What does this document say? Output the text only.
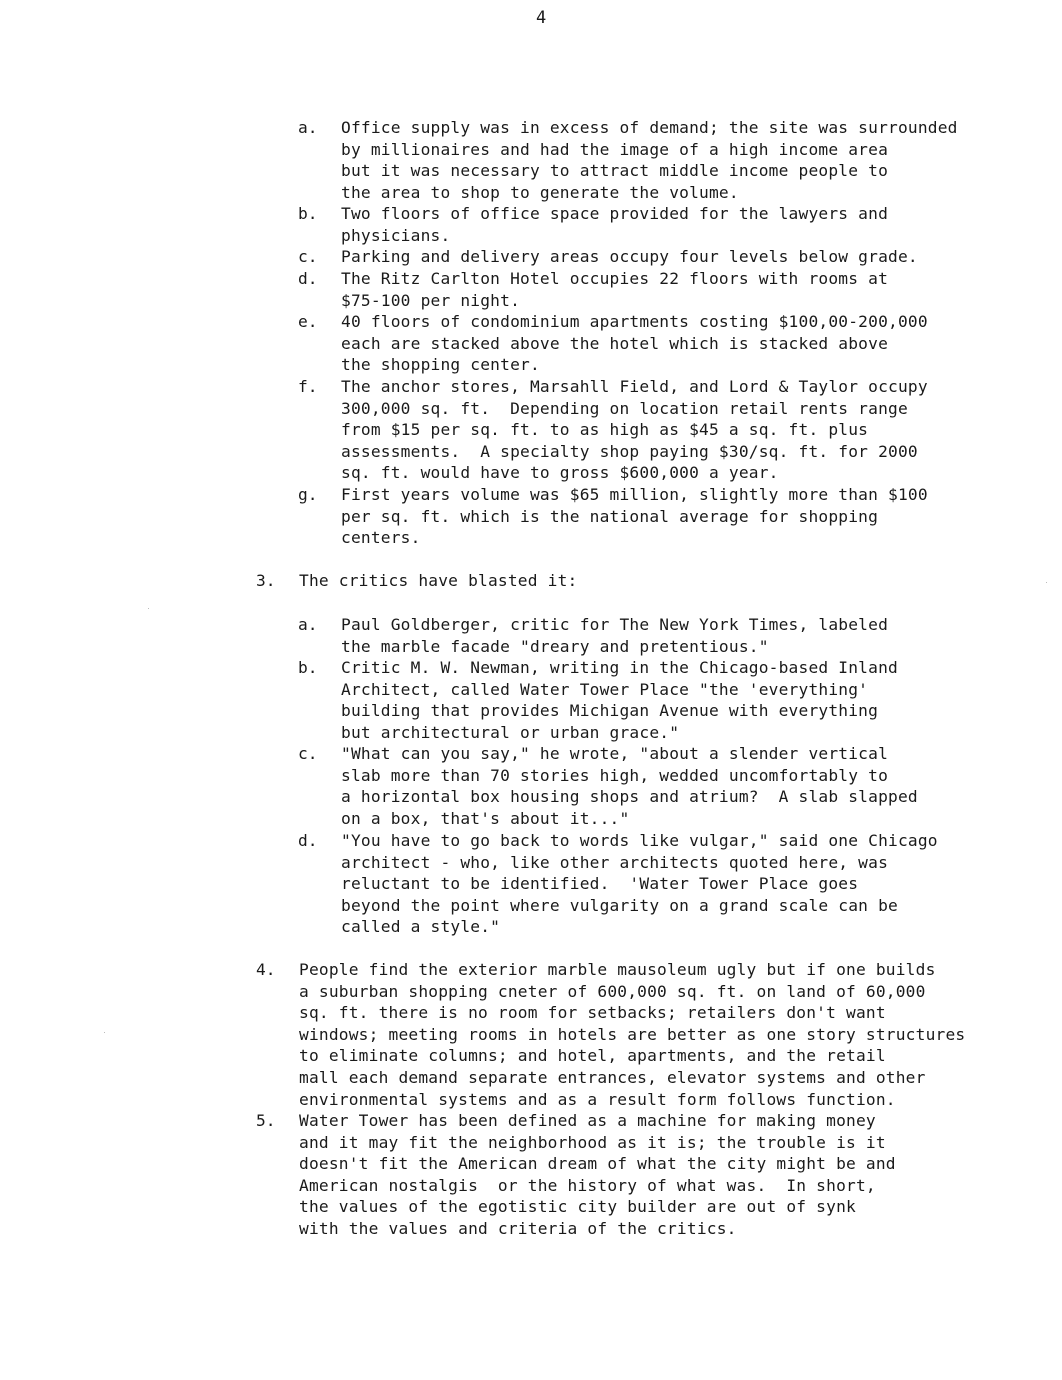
4
a. Office supply was in excess of demand; the site was surrounded
by millionaires and had the image of a high income area
but it was necessary to attract middle income people to
the area to shop to generate the volume.
b. Two floors of office space provided for the lawyers and
physicians.
c. Parking and delivery areas occupy four levels below grade.
d. The Ritz Carlton Hotel occupies 22 floors with rooms at
$75-100 per night.
e. 40 floors of condominium apartments costing $100,00-200,000
each are stacked above the hotel which is stacked above
the shopping center.
f. The anchor stores, Marsahll Field, and Lord & Taylor occupy
300,000 sq. ft.  Depending on location retail rents range
from $15 per sq. ft. to as high as $45 a sq. ft. plus
assessments.  A specialty shop paying $30/sq. ft. for 2000
sq. ft. would have to gross $600,000 a year.
g. First years volume was $65 million, slightly more than $100
per sq. ft. which is the national average for shopping
centers.
3. The critics have blasted it:
a. Paul Goldberger, critic for The New York Times, labeled
the marble facade "dreary and pretentious."
b. Critic M. W. Newman, writing in the Chicago-based Inland
Architect, called Water Tower Place "the 'everything'
building that provides Michigan Avenue with everything
but architectural or urban grace."
c. "What can you say," he wrote, "about a slender vertical
slab more than 70 stories high, wedded uncomfortably to
a horizontal box housing shops and atrium?  A slab slapped
on a box, that's about it..."
d. "You have to go back to words like vulgar," said one Chicago
architect - who, like other architects quoted here, was
reluctant to be identified.  'Water Tower Place goes
beyond the point where vulgarity on a grand scale can be
called a style."
4. People find the exterior marble mausoleum ugly but if one builds
a suburban shopping cneter of 600,000 sq. ft. on land of 60,000
sq. ft. there is no room for setbacks; retailers don't want
windows; meeting rooms in hotels are better as one story structures
to eliminate columns; and hotel, apartments, and the retail
mall each demand separate entrances, elevator systems and other
environmental systems and as a result form follows function.
5. Water Tower has been defined as a machine for making money
and it may fit the neighborhood as it is; the trouble is it
doesn't fit the American dream of what the city might be and
American nostalgis  or the history of what was.  In short,
the values of the egotistic city builder are out of synk
with the values and criteria of the critics.
